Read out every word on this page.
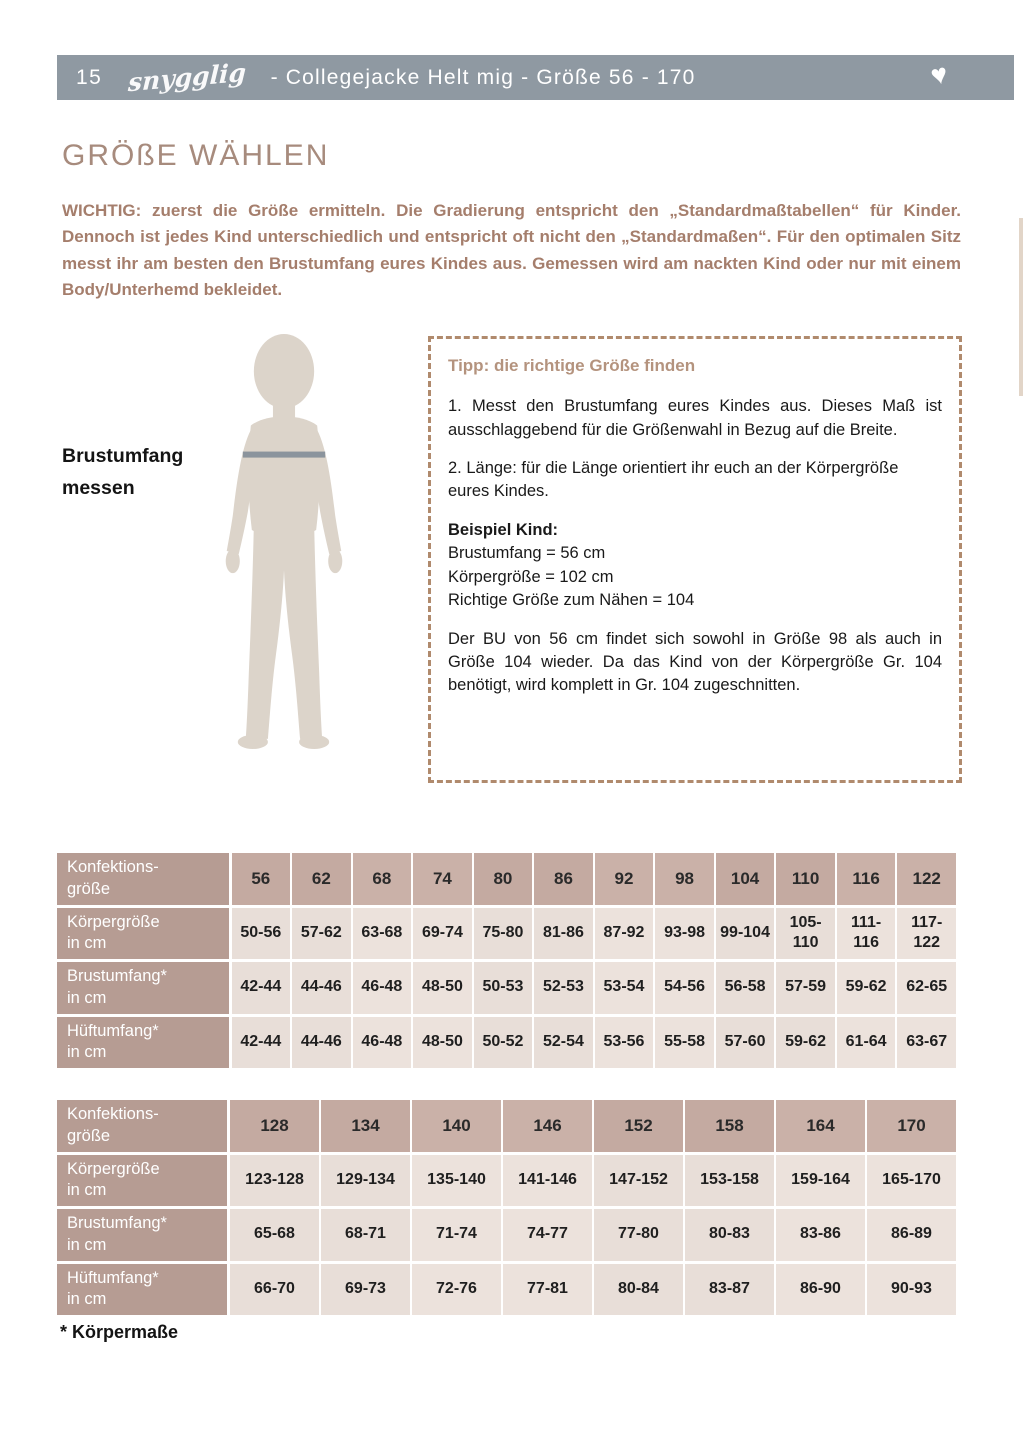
15 snygglig - Collegejacke Helt mig - Größe 56 - 170	♥
GRÖßE WÄHLEN
WICHTIG: zuerst die Größe ermitteln. Die Gradierung entspricht den „Standardmaßtabellen“ für Kinder. Dennoch ist jedes Kind unterschiedlich und entspricht oft nicht den „Standardmaßen“. Für den optimalen Sitz messt ihr am besten den Brustumfang eures Kindes aus. Gemessen wird am nackten Kind oder nur mit einem Body/Unterhemd bekleidet.
Brustumfang
messen
Tipp: die richtige Größe finden

1. Messt den Brustumfang eures Kindes aus. Dieses Maß ist ausschlaggebend für die Größenwahl in Bezug auf die Breite.

2. Länge: für die Länge orientiert ihr euch an der Körpergröße eures Kindes.

Beispiel Kind:
Brustumfang = 56 cm
Körpergröße = 102 cm
Richtige Größe zum Nähen = 104

Der BU von 56 cm findet sich sowohl in Größe 98 als auch in Größe 104 wieder. Da das Kind von der Körpergröße Gr. 104 benötigt, wird komplett in Gr. 104 zugeschnitten.

Konfektions-
größe	56	62	68	74	80	86	92	98	104	110	116	122

Körpergröße
in cm	50-56	57-62	63-68	69-74	75-80	81-86	87-92	93-98	99-104	105-110	111-116	117-122

Brustumfang*
in cm	42-44	44-46	46-48	48-50	50-53	52-53	53-54	54-56	56-58	57-59	59-62	62-65

Hüftumfang*
in cm	42-44	44-46	46-48	48-50	50-52	52-54	53-56	55-58	57-60	59-62	61-64	63-67
Konfektions-
größe	128	134	140	146	152	158	164	170

Körpergröße
in cm	123-128	129-134	135-140	141-146	147-152	153-158	159-164	165-170

Brustumfang*
in cm	65-68	68-71	71-74	74-77	77-80	80-83	83-86	86-89

Hüftumfang*
in cm	66-70	69-73	72-76	77-81	80-84	83-87	86-90	90-93
* Körpermaße
